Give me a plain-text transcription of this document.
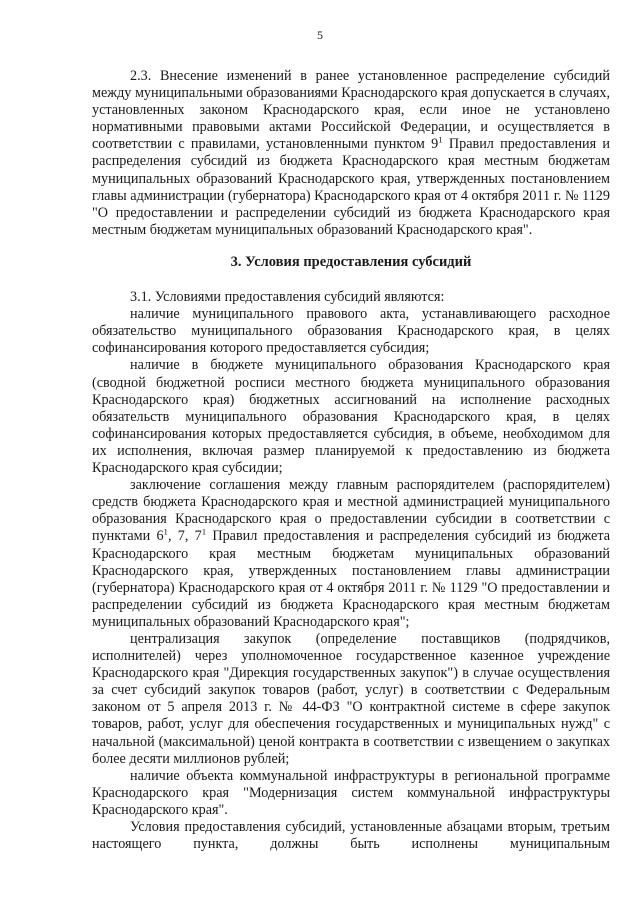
5

2.3. Внесение изменений в ранее установленное распределение субсидий между муниципальными образованиями Краснодарского края допускается в случаях, установленных законом Краснодарского края, если иное не установлено нормативными правовыми актами Российской Федерации, и осуществляется в соответствии с правилами, установленными пунктом $9^1$ Правил предоставления и распределения субсидий из бюджета Краснодарского края местным бюджетам муниципальных образований Краснодарского края, утвержденных постановлением главы администрации (губернатора) Краснодарского края от 4 октября 2011 г. № 1129 "О предоставлении и распределении субсидий из бюджета Краснодарского края местным бюджетам муниципальных образований Краснодарского края".

3. Условия предоставления субсидий

3.1. Условиями предоставления субсидий являются:

наличие муниципального правового акта, устанавливающего расходное обязательство муниципального образования Краснодарского края, в целях софинансирования которого предоставляется субсидия;

наличие в бюджете муниципального образования Краснодарского края (сводной бюджетной росписи местного бюджета муниципального образования Краснодарского края) бюджетных ассигнований на исполнение расходных обязательств муниципального образования Краснодарского края, в целях софинансирования которых предоставляется субсидия, в объеме, необходимом для их исполнения, включая размер планируемой к предоставлению из бюджета Краснодарского края субсидии;

заключение соглашения между главным распорядителем (распорядителем) средств бюджета Краснодарского края и местной администрацией муниципального образования Краснодарского края о предоставлении субсидии в соответствии с пунктами $6^1$, 7, $7^1$ Правил предоставления и распределения субсидий из бюджета Краснодарского края местным бюджетам муниципальных образований Краснодарского края, утвержденных постановлением главы администрации (губернатора) Краснодарского края от 4 октября 2011 г. № 1129 "О предоставлении и распределении субсидий из бюджета Краснодарского края местным бюджетам муниципальных образований Краснодарского края";

централизация закупок (определение поставщиков (подрядчиков, исполнителей) через уполномоченное государственное казенное учреждение Краснодарского края "Дирекция государственных закупок") в случае осуществления за счет субсидий закупок товаров (работ, услуг) в соответствии с Федеральным законом от 5 апреля 2013 г. № 44-ФЗ "О контрактной системе в сфере закупок товаров, работ, услуг для обеспечения государственных и муниципальных нужд" с начальной (максимальной) ценой контракта в соответствии с извещением о закупках более десяти миллионов рублей;

наличие объекта коммунальной инфраструктуры в региональной программе Краснодарского края "Модернизация систем коммунальной инфраструктуры Краснодарского края".

Условия предоставления субсидий, установленные абзацами вторым, третьим настоящего пункта, должны быть исполнены муниципальным
